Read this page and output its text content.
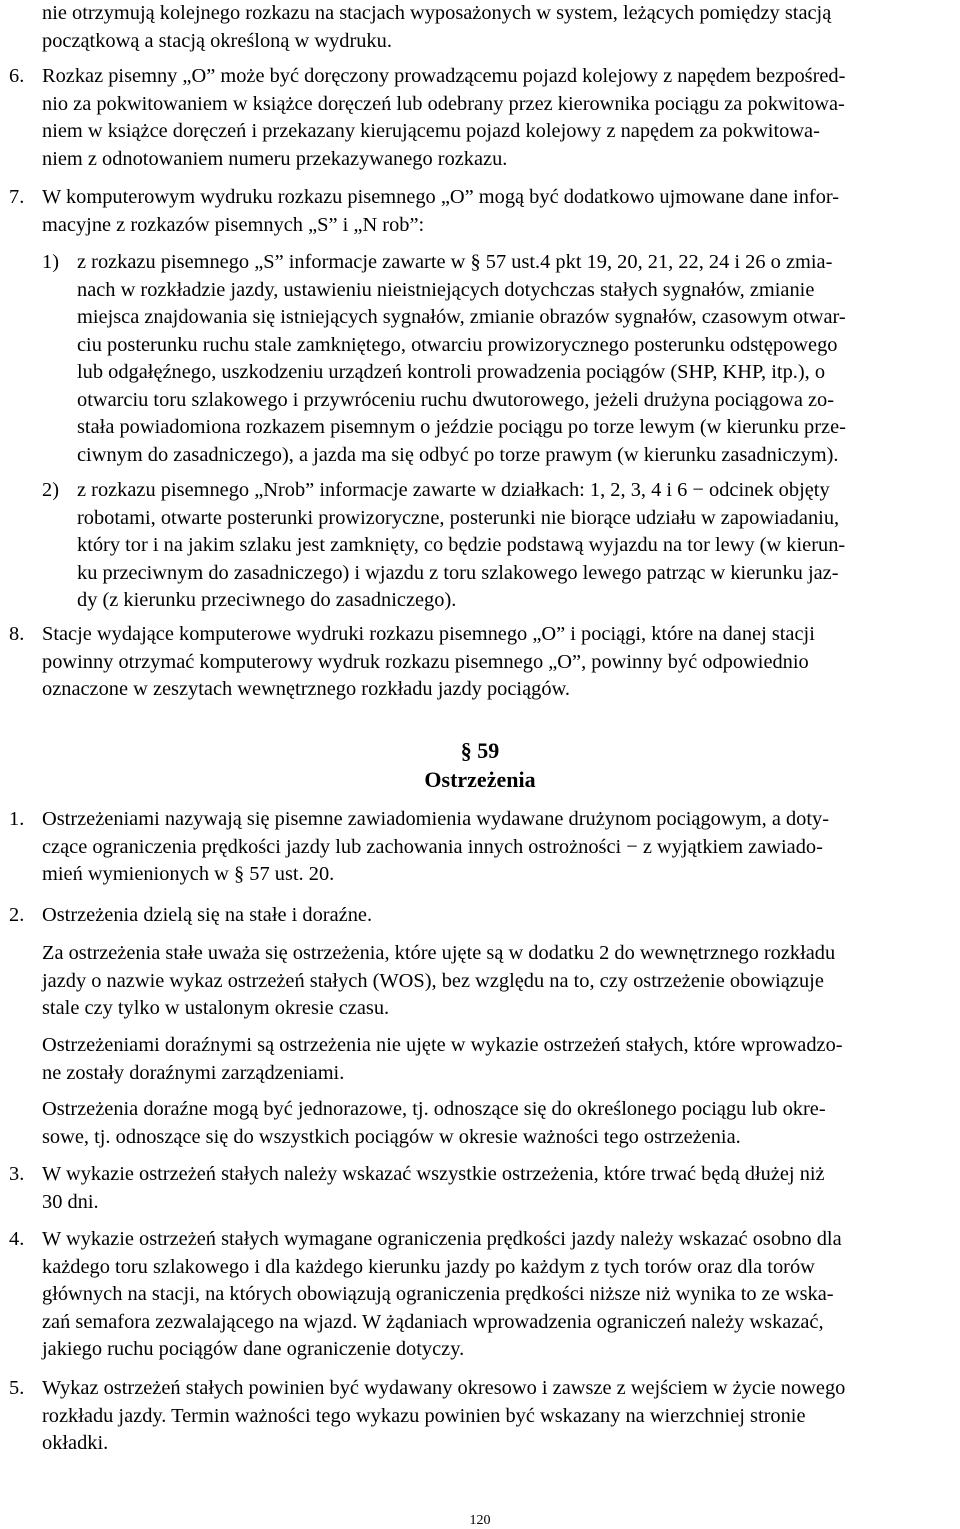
nie otrzymują kolejnego rozkazu na stacjach wyposażonych w system, leżących pomiędzy stacją
początkową a stacją określoną w wydruku.
6. Rozkaz pisemny „O” może być doręczony prowadzącemu pojazd kolejowy z napędem bezpośred-
nio za pokwitowaniem w książce doręczeń lub odebrany przez kierownika pociągu za pokwitowa-
niem w książce doręczeń i przekazany kierującemu pojazd kolejowy z napędem za pokwitowa-
niem z odnotowaniem numeru przekazywanego rozkazu.
7. W komputerowym wydruku rozkazu pisemnego „O” mogą być dodatkowo ujmowane dane infor-
macyjne z rozkazów pisemnych „S” i „N rob”:
1) z rozkazu pisemnego „S” informacje zawarte w § 57 ust.4 pkt 19, 20, 21, 22, 24 i 26 o zmia-
nach w rozkładzie jazdy, ustawieniu nieistniejących dotychczas stałych sygnałów, zmianie
miejsca znajdowania się istniejących sygnałów, zmianie obrazów sygnałów, czasowym otwar-
ciu posterunku ruchu stale zamkniętego, otwarciu prowizorycznego posterunku odstępowego
lub odgałęźnego, uszkodzeniu urządzeń kontroli prowadzenia pociągów (SHP, KHP, itp.), o
otwarciu toru szlakowego i przywróceniu ruchu dwutorowego, jeżeli drużyna pociągowa zo-
stała powiadomiona rozkazem pisemnym o jeździe pociągu po torze lewym (w kierunku prze-
ciwnym do zasadniczego), a jazda ma się odbyć po torze prawym (w kierunku zasadniczym).
2) z rozkazu pisemnego „Nrob” informacje zawarte w działkach: 1, 2, 3, 4 i 6 − odcinek objęty
robotami, otwarte posterunki prowizoryczne, posterunki nie biorące udziału w zapowiadaniu,
który tor i na jakim szlaku jest zamknięty, co będzie podstawą wyjazdu na tor lewy (w kierun-
ku przeciwnym do zasadniczego) i wjazdu z toru szlakowego lewego patrząc w kierunku jaz-
dy (z kierunku przeciwnego do zasadniczego).
8. Stacje wydające komputerowe wydruki rozkazu pisemnego „O” i pociągi, które na danej stacji
powinny otrzymać komputerowy wydruk rozkazu pisemnego „O”, powinny być odpowiednio
oznaczone w zeszytach wewnętrznego rozkładu jazdy pociągów.
§ 59
Ostrzeżenia
1. Ostrzeżeniami nazywają się pisemne zawiadomienia wydawane drużynom pociągowym, a doty-
czące ograniczenia prędkości jazdy lub zachowania innych ostrożności − z wyjątkiem zawiado-
mień wymienionych w § 57 ust. 20.
2. Ostrzeżenia dzielą się na stałe i doraźne.
Za ostrzeżenia stałe uważa się ostrzeżenia, które ujęte są w dodatku 2 do wewnętrznego rozkładu
jazdy o nazwie wykaz ostrzeżeń stałych (WOS), bez względu na to, czy ostrzeżenie obowiązuje
stale czy tylko w ustalonym okresie czasu.
Ostrzeżeniami doraźnymi są ostrzeżenia nie ujęte w wykazie ostrzeżeń stałych, które wprowadzo-
ne zostały doraźnymi zarządzeniami.
Ostrzeżenia doraźne mogą być jednorazowe, tj. odnoszące się do określonego pociągu lub okre-
sowe, tj. odnoszące się do wszystkich pociągów w okresie ważności tego ostrzeżenia.
3. W wykazie ostrzeżeń stałych należy wskazać wszystkie ostrzeżenia, które trwać będą dłużej niż
30 dni.
4. W wykazie ostrzeżeń stałych wymagane ograniczenia prędkości jazdy należy wskazać osobno dla
każdego toru szlakowego i dla każdego kierunku jazdy po każdym z tych torów oraz dla torów
głównych na stacji, na których obowiązują ograniczenia prędkości niższe niż wynika to ze wska-
zań semafora zezwalającego na wjazd. W żądaniach wprowadzenia ograniczeń należy wskazać,
jakiego ruchu pociągów dane ograniczenie dotyczy.
5. Wykaz ostrzeżeń stałych powinien być wydawany okresowo i zawsze z wejściem w życie nowego
rozkładu jazdy. Termin ważności tego wykazu powinien być wskazany na wierzchniej stronie
okładki.
120
